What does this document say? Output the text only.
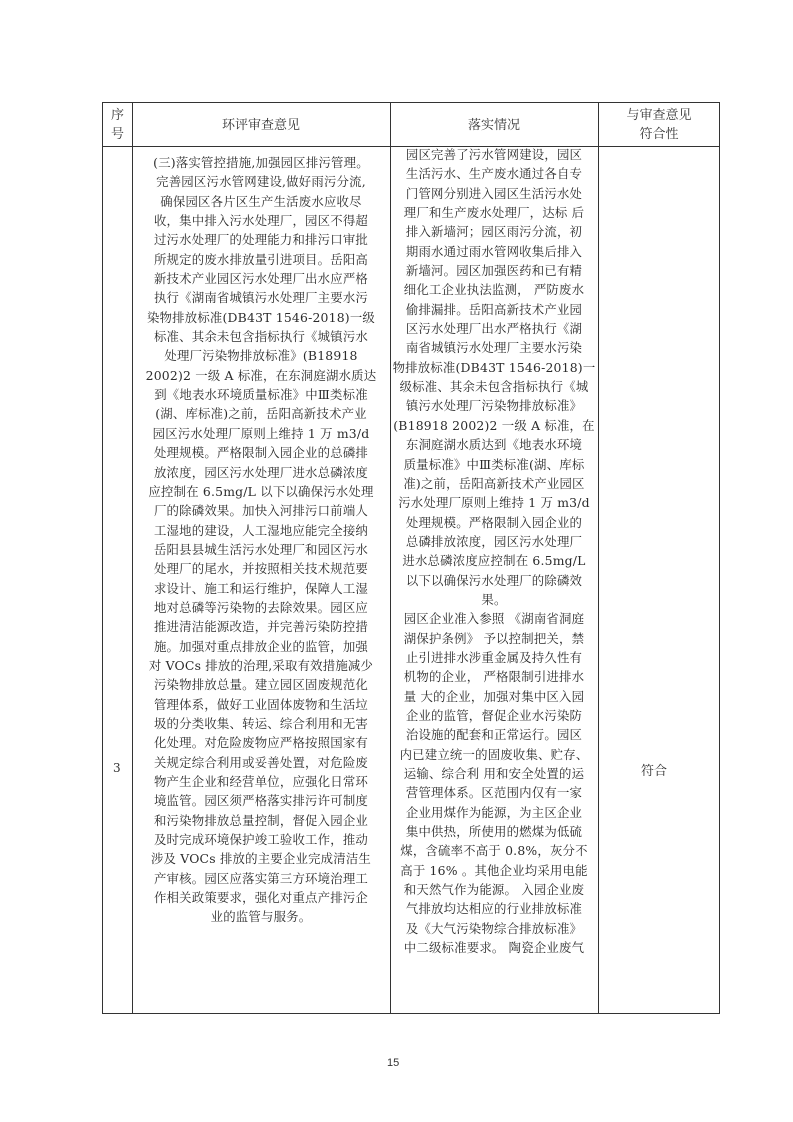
序
号
环评审查意见	落实情况
与审查意见
符合性
3
(三)落实管控措施,加强园区排污管理。
完善园区污水管网建设,做好雨污分流,
确保园区各片区生产生活废水应收尽
收，集中排入污水处理厂，园区不得超
过污水处理厂的处理能力和排污口审批
所规定的废水排放量引进项目。岳阳高
新技术产业园区污水处理厂出水应严格
执行《湖南省城镇污水处理厂主要水污
染物排放标准(DB43T 1546-2018)一级
标准、其余未包含指标执行《城镇污水
处理厂污染物排放标准》(B18918
2002)2 一级 A 标准，在东洞庭湖水质达
到《地表水环境质量标准》中Ⅲ类标准
(湖、库标准)之前，岳阳高新技术产业
园区污水处理厂原则上维持 1 万 m3/d
处理规模。严格限制入园企业的总磷排
放浓度，园区污水处理厂进水总磷浓度
应控制在 6.5mg/L 以下以确保污水处理
厂的除磷效果。加快入河排污口前端人
工湿地的建设，人工湿地应能完全接纳
岳阳县县城生活污水处理厂和园区污水
处理厂的尾水，并按照相关技术规范要
求设计、施工和运行维护，保障人工湿
地对总磷等污染物的去除效果。园区应
推进清洁能源改造，并完善污染防控措
施。加强对重点排放企业的监管，加强
对 VOCs 排放的治理,采取有效措施减少
污染物排放总量。建立园区固废规范化
管理体系，做好工业固体废物和生活垃
圾的分类收集、转运、综合利用和无害
化处理。对危险废物应严格按照国家有
关规定综合利用或妥善处置，对危险废
物产生企业和经营单位，应强化日常环
境监管。园区须严格落实排污许可制度
和污染物排放总量控制，督促入园企业
及时完成环境保护竣工验收工作，推动
涉及 VOCs 排放的主要企业完成清洁生
产审核。园区应落实第三方环境治理工
作相关政策要求，强化对重点产排污企
业的监管与服务。
园区完善了污水管网建设，园区
生活污水、生产废水通过各自专
门管网分别进入园区生活污水处
理厂和生产废水处理厂，达标 后
排入新墙河；园区雨污分流，初
期雨水通过雨水管网收集后排入
新墙河。园区加强医药和已有精
细化工企业执法监测， 严防废水
偷排漏排。岳阳高新技术产业园
区污水处理厂出水严格执行《湖
南省城镇污水处理厂主要水污染
物排放标准(DB43T 1546-2018)一
级标准、其余未包含指标执行《城
镇污水处理厂污染物排放标准》
(B18918 2002)2 一级 A 标准，在
东洞庭湖水质达到《地表水环境
质量标准》中Ⅲ类标准(湖、库标
准)之前，岳阳高新技术产业园区
污水处理厂原则上维持 1 万 m3/d
处理规模。严格限制入园企业的
总磷排放浓度，园区污水处理厂
进水总磷浓度应控制在 6.5mg/L
以下以确保污水处理厂的除磷效
果。
园区企业准入参照 《湖南省洞庭
湖保护条例》 予以控制把关，禁
止引进排水涉重金属及持久性有
机物的企业， 严格限制引进排水
量 大的企业，加强对集中区入园
企业的监管，督促企业水污染防
治设施的配套和正常运行。园区
内已建立统一的固废收集、贮存、
运输、综合利 用和安全处置的运
营管理体系。区范围内仅有一家
企业用煤作为能源，为主区企业
集中供热，所使用的燃煤为低硫
煤，含硫率不高于 0.8%，灰分不
高于 16% 。其他企业均采用电能
和天然气作为能源。 入园企业废
气排放均达相应的行业排放标准
及《大气污染物综合排放标准》
中二级标准要求。 陶瓷企业废气
符合
15
